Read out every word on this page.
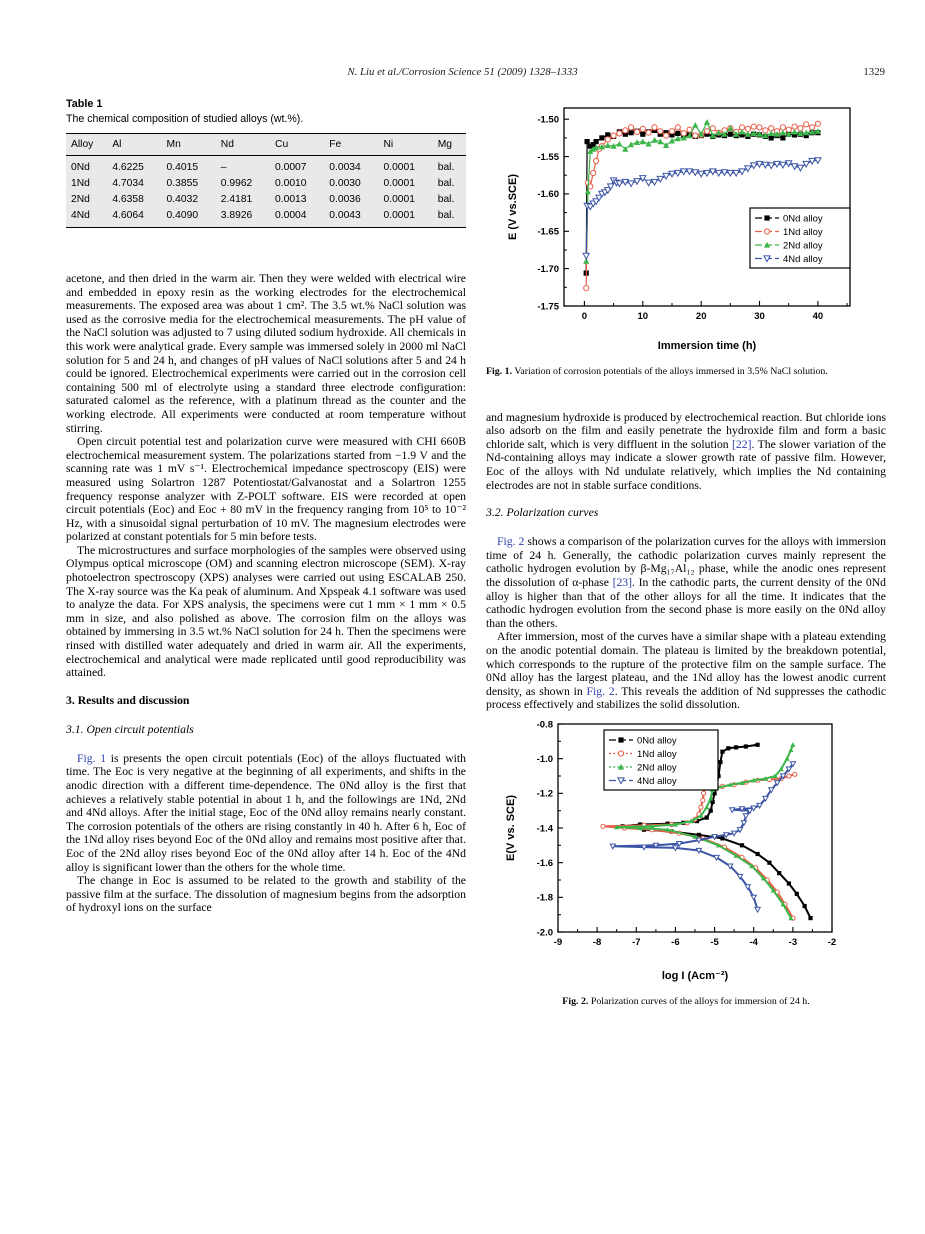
N. Liu et al./Corrosion Science 51 (2009) 1328–1333	1329
Table 1
The chemical composition of studied alloys (wt.%).
Alloy	Al	Mn	Nd	Cu	Fe	Ni	Mg
0Nd	4.6225	0.4015	–	0.0007	0.0034	0.0001	bal.
1Nd	4.7034	0.3855	0.9962	0.0010	0.0030	0.0001	bal.
2Nd	4.6358	0.4032	2.4181	0.0013	0.0036	0.0001	bal.
4Nd	4.6064	0.4090	3.8926	0.0004	0.0043	0.0001	bal.

acetone, and then dried in the warm air. Then they were welded with electrical wire and embedded in epoxy resin as the working electrodes for the electrochemical measurements. The exposed area was about 1 cm². The 3.5 wt.% NaCl solution was used as the corrosive media for the electrochemical measurements. The pH value of the NaCl solution was adjusted to 7 using diluted sodium hydroxide. All chemicals in this work were analytical grade. Every sample was immersed solely in 2000 ml NaCl solution for 5 and 24 h, and changes of pH values of NaCl solutions after 5 and 24 h could be ignored. Electrochemical experiments were carried out in the corrosion cell containing 500 ml of electrolyte using a standard three electrode configuration: saturated calomel as the reference, with a platinum thread as the counter and the working electrode. All experiments were conducted at room temperature without stirring.

Open circuit potential test and polarization curve were measured with CHI 660B electrochemical measurement system. The polarizations started from −1.9 V and the scanning rate was 1 mV s⁻¹. Electrochemical impedance spectroscopy (EIS) were measured using Solartron 1287 Potentiostat/Galvanostat and a Solartron 1255 frequency response analyzer with Z-POLT software. EIS were recorded at open circuit potentials (Eoc) and Eoc + 80 mV in the frequency ranging from 10⁵ to 10⁻² Hz, with a sinusoidal signal perturbation of 10 mV. The magnesium electrodes were polarized at constant potentials for 5 min before tests.

The microstructures and surface morphologies of the samples were observed using Olympus optical microscope (OM) and scanning electron microscope (SEM). X-ray photoelectron spectroscopy (XPS) analyses were carried out using ESCALAB 250. The X-ray source was the Ka peak of aluminum. And Xpspeak 4.1 software was used to analyze the data. For XPS analysis, the specimens were cut 1 mm × 1 mm × 0.5 mm in size, and also polished as above. The corrosion film on the alloys was obtained by immersing in 3.5 wt.% NaCl solution for 24 h. Then the specimens were rinsed with distilled water adequately and dried in warm air. All the experiments, electrochemical and analytical were made replicated until good reproducibility was attained.

3. Results and discussion
3.1. Open circuit potentials

Fig. 1 is presents the open circuit potentials (Eoc) of the alloys fluctuated with time. The Eoc is very negative at the beginning of all experiments, and shifts in the anodic direction with a different time-dependence. The 0Nd alloy is the first that achieves a relatively stable potential in about 1 h, and the followings are 1Nd, 2Nd and 4Nd alloys. After the initial stage, Eoc of the 0Nd alloy remains nearly constant. The corrosion potentials of the others are rising constantly in 40 h. After 6 h, Eoc of the 1Nd alloy rises beyond Eoc of the 0Nd alloy and remains most positive after that. Eoc of the 2Nd alloy rises beyond Eoc of the 0Nd alloy after 14 h. Eoc of the 4Nd alloy is significant lower than the others for the whole time.

The change in Eoc is assumed to be related to the growth and stability of the passive film at the surface. The dissolution of magnesium begins from the adsorption of hydroxyl ions on the surface

0	10	20	30	40
-1.50
-1.55
-1.60
-1.65
-1.70
-1.75
Immersion time (h)
E (V vs.SCE)	0Nd alloy
1Nd alloy
2Nd alloy
4Nd alloy
Fig. 1. Variation of corrosion potentials of the alloys immersed in 3.5% NaCl solution.

and magnesium hydroxide is produced by electrochemical reaction. But chloride ions also adsorb on the film and easily penetrate the hydroxide film and form a basic chloride salt, which is very diffluent in the solution [22]. The slower variation of the Nd-containing alloys may indicate a slower growth rate of passive film. However, Eoc of the alloys with Nd undulate relatively, which implies the Nd containing electrodes are not in stable surface conditions.

3.2. Polarization curves

Fig. 2 shows a comparison of the polarization curves for the alloys with immersion time of 24 h. Generally, the cathodic polarization curves mainly represent the catholic hydrogen evolution by β-Mg₁₇Al₁₂ phase, while the anodic ones represent the dissolution of α-phase [23]. In the cathodic parts, the current density of the 0Nd alloy is higher than that of the other alloys for all the time. It indicates that the cathodic hydrogen evolution from the second phase is more easily on the 0Nd alloy than the others.

After immersion, most of the curves have a similar shape with a plateau extending on the anodic potential domain. The plateau is limited by the breakdown potential, which corresponds to the rupture of the protective film on the sample surface. The 0Nd alloy has the largest plateau, and the 1Nd alloy has the lowest anodic current density, as shown in Fig. 2. This reveals the addition of Nd suppresses the cathodic process effectively and stabilizes the solid dissolution.

-9	-8	-7	-6	-5	-4	-3	-2
-0.8
-1.0
-1.2
-1.4
-1.6
-1.8
-2.0
log I (Acm⁻²)
E(V vs. SCE)
0Nd alloy
1Nd alloy
2Nd alloy
4Nd alloy
Fig. 2. Polarization curves of the alloys for immersion of 24 h.
